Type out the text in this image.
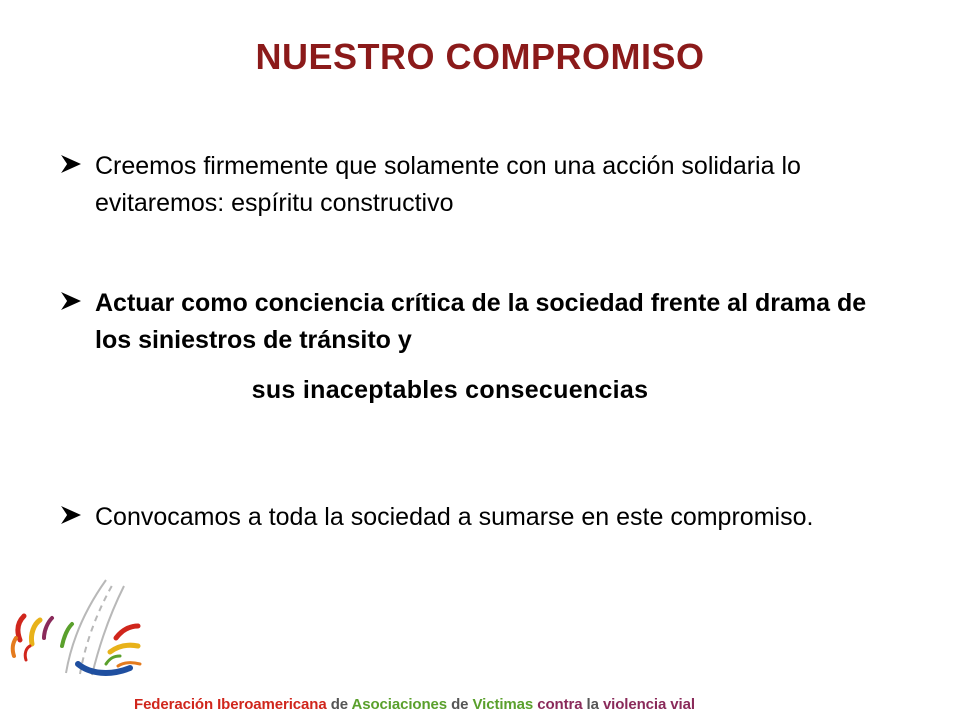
NUESTRO COMPROMISO
Creemos firmemente que solamente con una acción solidaria lo evitaremos: espíritu constructivo
Actuar como conciencia crítica de la sociedad frente al drama de los siniestros de tránsito y
sus inaceptables consecuencias
Convocamos a toda la sociedad a sumarse en este compromiso.
Federación Iberoamericana de Asociaciones de Victimas contra la violencia vial
